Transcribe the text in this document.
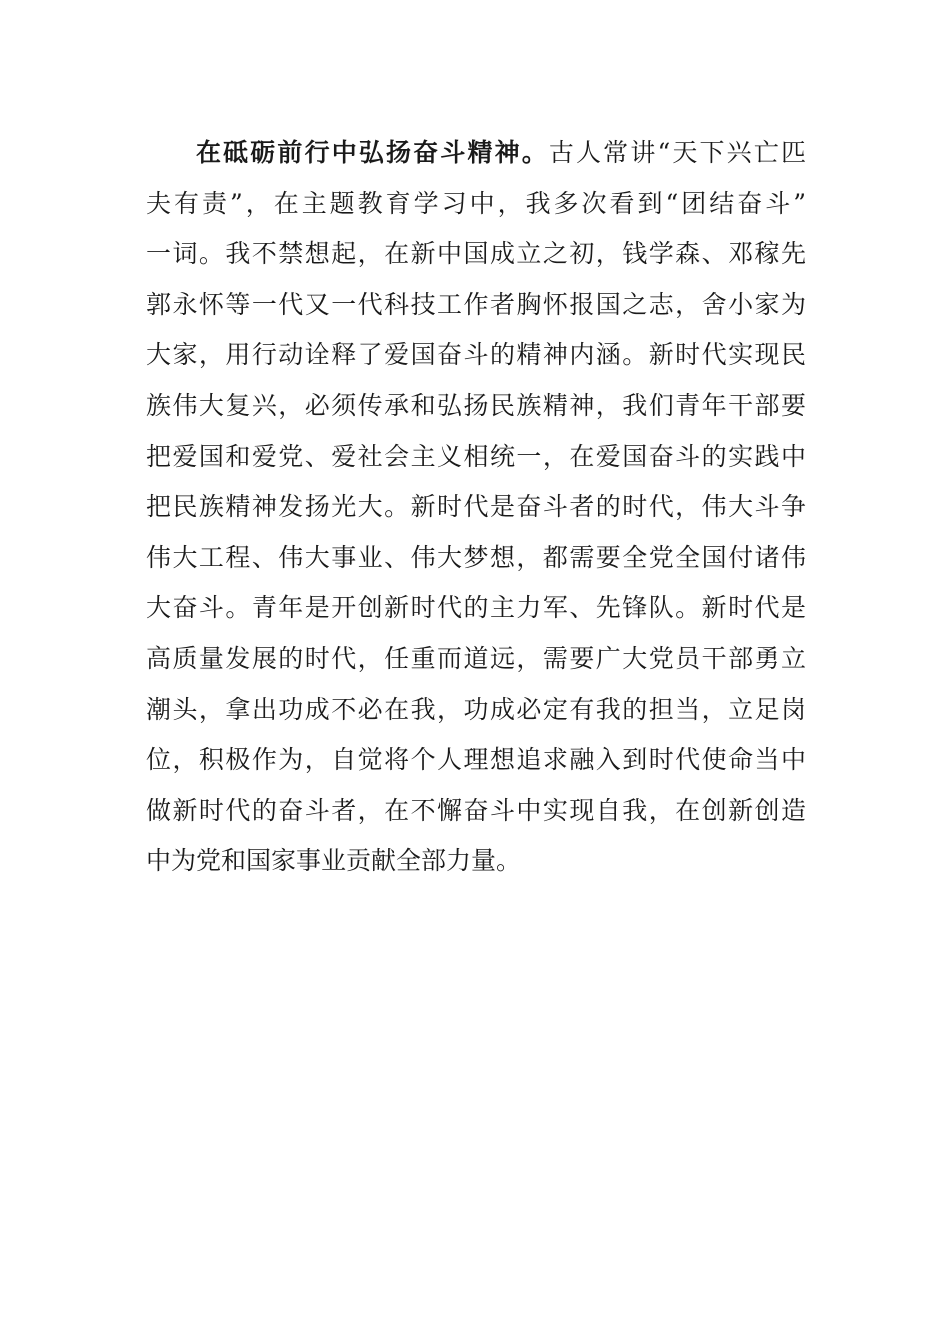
在砥砺前行中弘扬奋斗精神。古人常讲“天下兴亡匹
夫有责”，在主题教育学习中，我多次看到“团结奋斗”
一词。我不禁想起，在新中国成立之初，钱学森、邓稼先
郭永怀等一代又一代科技工作者胸怀报国之志，舍小家为
大家，用行动诠释了爱国奋斗的精神内涵。新时代实现民
族伟大复兴，必须传承和弘扬民族精神，我们青年干部要
把爱国和爱党、爱社会主义相统一，在爱国奋斗的实践中
把民族精神发扬光大。新时代是奋斗者的时代，伟大斗争
伟大工程、伟大事业、伟大梦想，都需要全党全国付诸伟
大奋斗。青年是开创新时代的主力军、先锋队。新时代是
高质量发展的时代，任重而道远，需要广大党员干部勇立
潮头，拿出功成不必在我，功成必定有我的担当，立足岗
位，积极作为，自觉将个人理想追求融入到时代使命当中
做新时代的奋斗者，在不懈奋斗中实现自我，在创新创造
中为党和国家事业贡献全部力量。
